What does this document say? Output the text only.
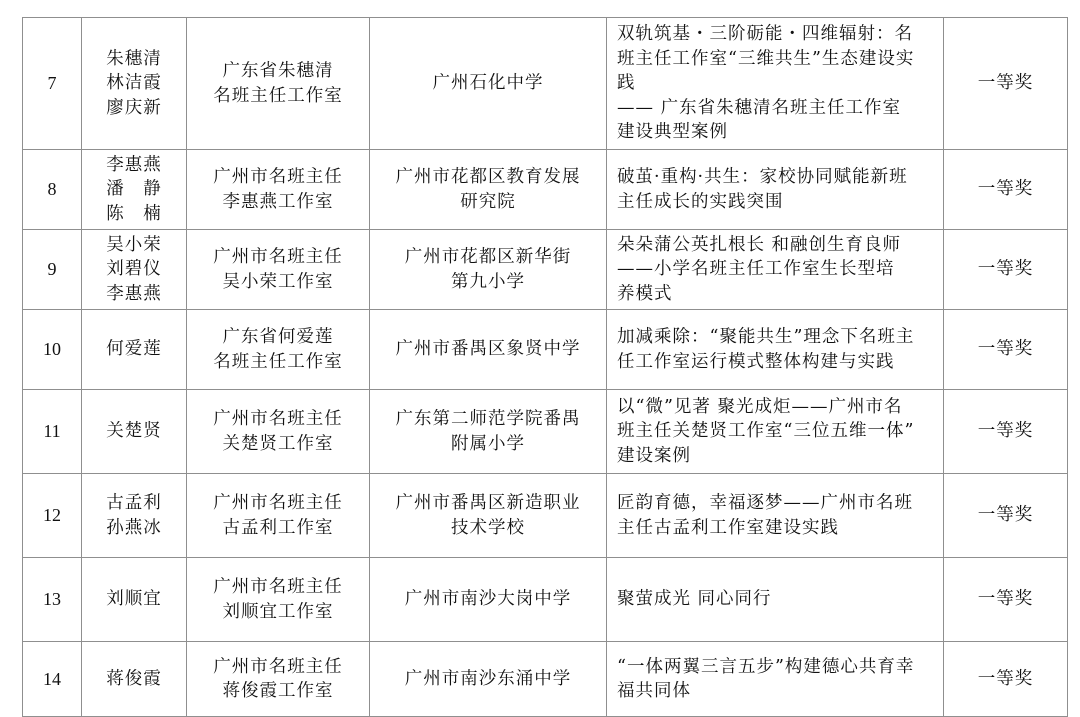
7	朱穗清
林洁霞
廖庆新	广东省朱穗清
名班主任工作室	广州石化中学	双轨筑基・三阶砺能・四维辐射：名
班主任工作室“三维共生”生态建设实
践
—— 广东省朱穗清名班主任工作室
建设典型案例	一等奖
8	李惠燕
潘　静
陈　楠	广州市名班主任
李惠燕工作室	广州市花都区教育发展
研究院	破茧·重构·共生：家校协同赋能新班
主任成长的实践突围	一等奖
9	吴小荣
刘碧仪
李惠燕	广州市名班主任
吴小荣工作室	广州市花都区新华街
第九小学	朵朵蒲公英扎根长 和融创生育良师
——小学名班主任工作室生长型培
养模式	一等奖
10	何爱莲	广东省何爱莲
名班主任工作室	广州市番禺区象贤中学	加减乘除：“聚能共生”理念下名班主
任工作室运行模式整体构建与实践	一等奖
11	关楚贤	广州市名班主任
关楚贤工作室	广东第二师范学院番禺
附属小学	以“微”见著 聚光成炬——广州市名
班主任关楚贤工作室“三位五维一体”
建设案例	一等奖
12	古孟利
孙燕冰	广州市名班主任
古孟利工作室	广州市番禺区新造职业
技术学校	匠韵育德，幸福逐梦——广州市名班
主任古孟利工作室建设实践	一等奖
13	刘顺宜	广州市名班主任
刘顺宜工作室	广州市南沙大岗中学	聚萤成光 同心同行	一等奖
14	蒋俊霞	广州市名班主任
蒋俊霞工作室	广州市南沙东涌中学	“一体两翼三言五步”构建德心共育幸
福共同体	一等奖
